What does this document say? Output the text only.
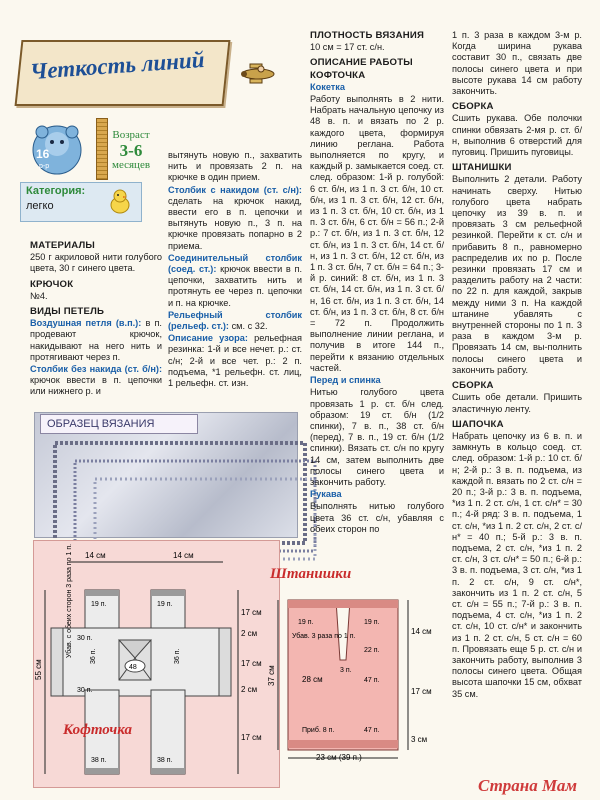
Четкость линий
16
р-р
Возраст
3-6
месяцев
Категория:
легко

МАТЕРИАЛЫ

250 г акриловой нити голубого цвета, 30 г синего цвета.

КРЮЧОК

№4.

ВИДЫ ПЕТЕЛЬ

Воздушная петля (в.п.): в п. продевают крючок, накидывают на него нить и протягивают через п.

Столбик без накида (ст. б/н): крючок ввести в п. цепочки или нижнего р. и

вытянуть новую п., захватить нить и провязать 2 п. на крючке в один прием.

Столбик с накидом (ст. с/н): сделать на крючок накид, ввести его в п. цепочки и вытянуть новую п., 3 п. на крючке провязать попарно в 2 приема.

Соединительный столбик (соед. ст.): крючок ввести в п. цепочки, захватить нить и протянуть ее через п. цепочки и п. на крючке.

Рельефный столбик (рельеф. ст.): см. с 32.

Описание узора: рельефная резинка: 1-й и все нечет. р.: ст. с/н; 2-й и все чет. р.: 2 п. подъема, *1 рельефн. ст. лиц, 1 рельефн. ст. изн.

ОБРАЗЕЦ ВЯЗАНИЯ

ПЛОТНОСТЬ ВЯЗАНИЯ

10 см = 17 ст. с/н.

ОПИСАНИЕ РАБОТЫ

КОФТОЧКА

Кокетка

Работу выполнять в 2 нити. Набрать начальную цепочку из 48 в. п. и вязать по 2 р. каждого цвета, формируя линию реглана. Работа выполняется по кругу, и каждый р. замыкается соед. ст. след. образом: 1-й р. голубой: 6 ст. б/н, из 1 п. 3 ст. б/н, 10 ст. б/н, из 1 п. 3 ст. б/н, 12 ст. б/н, из 1 п. 3 ст. б/н, 10 ст. б/н, из 1 п. 3 ст. б/н, 6 ст. б/н = 56 п.; 2-й р.: 7 ст. б/н, из 1 п. 3 ст. б/н, 12 ст. б/н, из 1 п. 3 ст. б/н, 14 ст. б/н, из 1 п. 3 ст. б/н, 12 ст. б/н, из 1 п. 3 ст. б/н, 7 ст. б/н = 64 п.; 3-й р. синий: 8 ст. б/н, из 1 п. 3 ст. б/н, 14 ст. б/н, из 1 п. 3 ст. б/н, 16 ст. б/н, из 1 п. 3 ст. б/н, 14 ст. б/н, из 1 п. 3 ст. б/н, 8 ст. б/н = 72 п. Продолжить выполнение линии реглана, и получив в итоге 144 п., перейти к вязанию отдельных частей.

Перед и спинка

Нитью голубого цвета провязать 1 р. ст. б/н след. образом: 19 ст. б/н (1/2 спинки), 7 в. п., 38 ст. б/н (перед), 7 в. п., 19 ст. б/н (1/2 спинки). Вязать ст. с/н по кругу 14 см, затем выполнить две полосы синего цвета и закончить работу.

Рукава

Выполнять нитью голубого цвета 36 ст. с/н, убавляя с обеих сторон по

1 п. 3 раза в каждом 3-м р. Когда ширина рукава составит 30 п., связать две полосы синего цвета и при высоте рукава 14 см работу закончить.

СБОРКА

Сшить рукава. Обе полочки спинки обвязать 2-мя р. ст. б/н, выполнив 6 отверстий для пуговиц. Пришить пуговицы.

ШТАНИШКИ

Выполнить 2 детали. Работу начинать сверху. Нитью голубого цвета набрать цепочку из 39 в. п. и провязать 3 см рельефной резинкой. Перейти к ст. с/н и прибавить 8 п., равномерно распределив их по р. После резинки провязать 17 см и разделить работу на 2 части: по 22 п. для каждой, закрыв между ними 3 п. На каждой штанине убавлять с внутренней стороны по 1 п. 3 раза в каждом 3-м р. Провязать 14 см, вы-полнить полосы синего цвета и закончить работу.

СБОРКА

Сшить обе детали. Пришить эластичную ленту.

ШАПОЧКА

Набрать цепочку из 6 в. п. и замкнуть в кольцо соед. ст. след. образом: 1-й р.: 10 ст. б/н; 2-й р.: 3 в. п. подъема, из каждой п. вязать по 2 ст. с/н = 20 п.; 3-й р.: 3 в. п. подъема, *из 1 п. 2 ст. с/н, 1 ст. с/н* = 30 п.; 4-й ряд: 3 в. п. подъема, 1 ст. с/н, *из 1 п. 2 ст. с/н, 2 ст. с/н* = 40 п.; 5-й р.: 3 в. п. подъема, 2 ст. с/н, *из 1 п. 2 ст. с/н, 3 ст. с/н* = 50 п.; 6-й р.: 3 в. п. подъема, 3 ст. с/н, *из 1 п. 2 ст. с/н, 9 ст. с/н*, закончить из 1 п. 2 ст. с/н, 5 ст. с/н = 55 п.; 7-й р.: 3 в. п. подъема, 4 ст. с/н, *из 1 п. 2 ст. с/н, 10 ст. с/н* и закончить из 1 п. 2 ст. с/н, 5 ст. с/н = 60 п. Провязать еще 5 р. ст. с/н и закончить работу, выполнив 3 полосы синего цвета. Общая высота шапочки 15 см, обхват 35 см.

48
14 см	14 см
55 см
17 см
2 см
17 см
2 см
17 см
19 п.	19 п.
30 п.
30 п.
36 п.	36 п.
38 п.	38 п.
Убав. с обеих сторон 3 раза по 1 п.
Кофточка
Штанишки
19 п.	19 п.
Убав. 3 раза по 1 п.
3 п.
28 см	47 п.
Приб. 8 п.	47 п.
37 см
23 см (39 п.)
14 см
17 см
3 см
22 п.
Страна Мам
